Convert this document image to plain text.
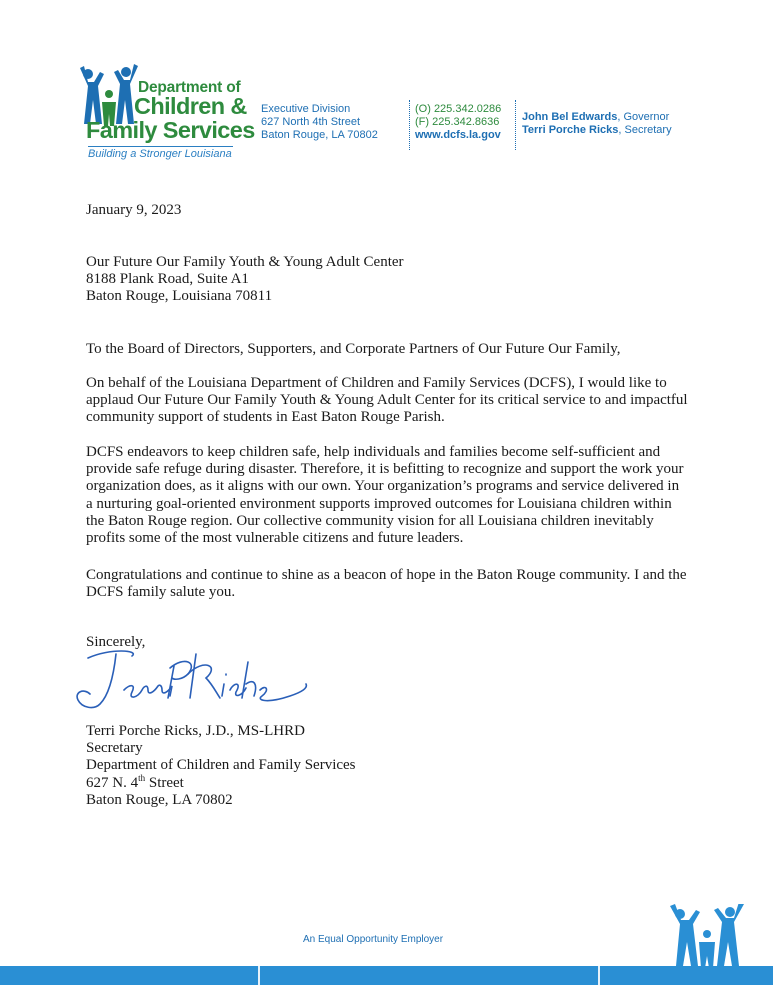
Department of
Children &
Family Services
Building a Stronger Louisiana
Executive Division
627 North 4th Street
Baton Rouge, LA 70802
(O) 225.342.0286
(F) 225.342.8636
www.dcfs.la.gov
John Bel Edwards, Governor
Terri Porche Ricks, Secretary
January 9, 2023
Our Future Our Family Youth & Young Adult Center
8188 Plank Road, Suite A1
Baton Rouge, Louisiana 70811
To the Board of Directors, Supporters, and Corporate Partners of Our Future Our Family,
On behalf of the Louisiana Department of Children and Family Services (DCFS), I would like to
applaud Our Future Our Family Youth & Young Adult Center for its critical service to and impactful
community support of students in East Baton Rouge Parish.
DCFS endeavors to keep children safe, help individuals and families become self-sufficient and
provide safe refuge during disaster. Therefore, it is befitting to recognize and support the work your
organization does, as it aligns with our own. Your organization’s programs and service delivered in
a nurturing goal-oriented environment supports improved outcomes for Louisiana children within
the Baton Rouge region. Our collective community vision for all Louisiana children inevitably
profits some of the most vulnerable citizens and future leaders.
Congratulations and continue to shine as a beacon of hope in the Baton Rouge community. I and the
DCFS family salute you.
Sincerely,
Terri Porche Ricks, J.D., MS-LHRD
Secretary
Department of Children and Family Services
627 N. 4th Street
Baton Rouge, LA 70802
An Equal Opportunity Employer
